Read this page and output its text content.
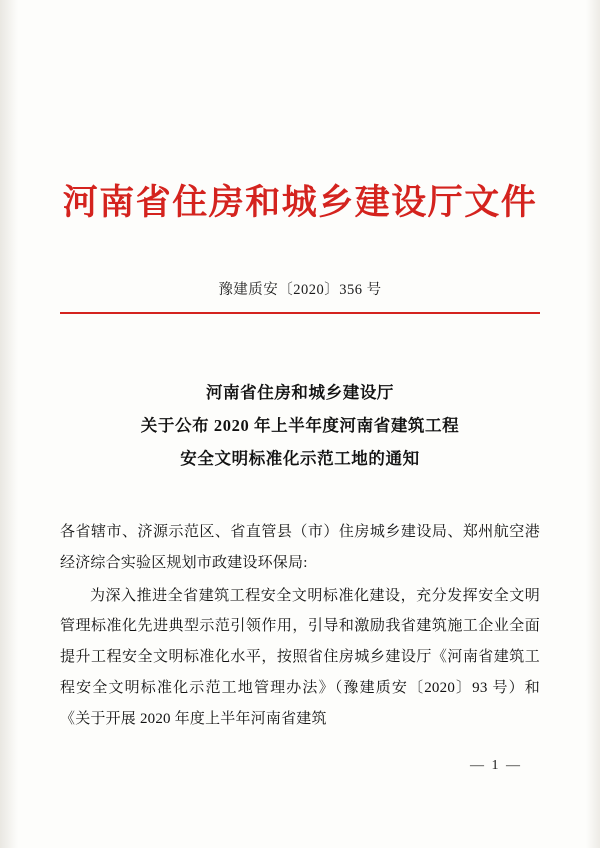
河南省住房和城乡建设厅文件
豫建质安〔2020〕356 号
河南省住房和城乡建设厅
关于公布 2020 年上半年度河南省建筑工程
安全文明标准化示范工地的通知
各省辖市、济源示范区、省直管县（市）住房城乡建设局、郑州航空港经济综合实验区规划市政建设环保局:
为深入推进全省建筑工程安全文明标准化建设，充分发挥安全文明管理标准化先进典型示范引领作用，引导和激励我省建筑施工企业全面提升工程安全文明标准化水平，按照省住房城乡建设厅《河南省建筑工程安全文明标准化示范工地管理办法》（豫建质安〔2020〕93 号）和《关于开展 2020 年度上半年河南省建筑
— 1 —
